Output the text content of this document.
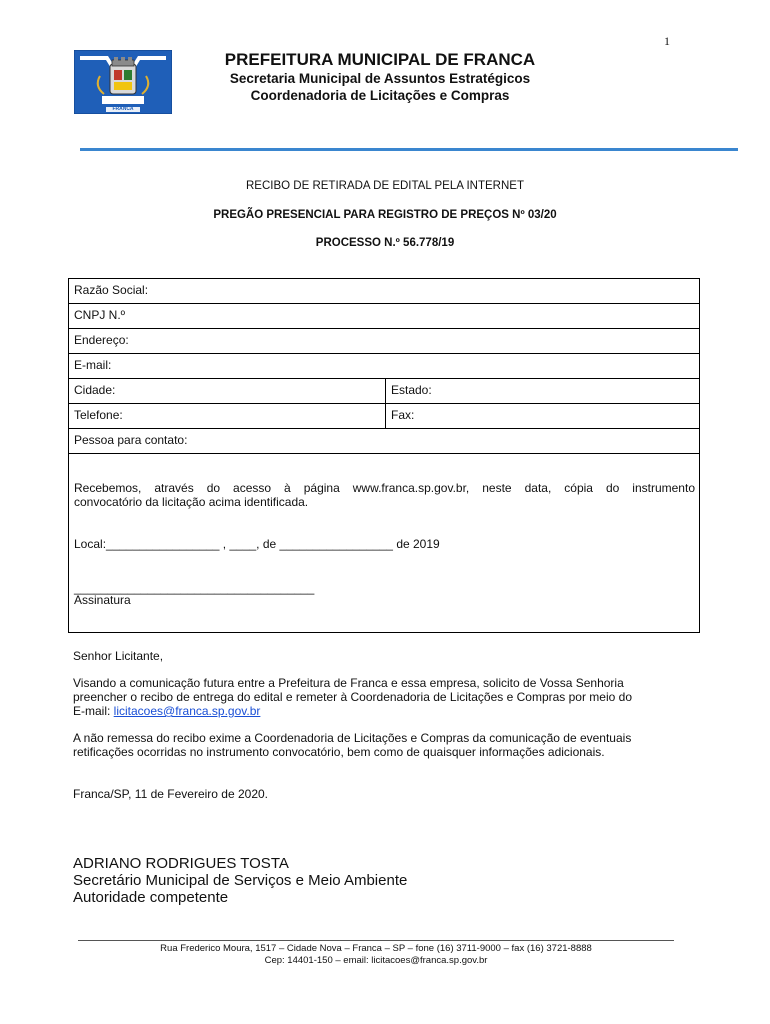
1
FRANCA
PREFEITURA MUNICIPAL DE FRANCA
Secretaria Municipal de Assuntos Estratégicos
Coordenadoria de Licitações e Compras
RECIBO DE RETIRADA DE EDITAL PELA INTERNET
PREGÃO PRESENCIAL PARA REGISTRO DE PREÇOS Nº 03/20
PROCESSO N.º 56.778/19
Razão Social:
CNPJ N.º
Endereço:
E-mail:
Cidade:	Estado:
Telefone:	Fax:
Pessoa para contato:
Recebemos, através do acesso à página www.franca.sp.gov.br, neste data, cópia do instrumento
convocatório da licitação acima identificada.
Local:_________________ , ____, de _________________ de 2019
____________________________________
Assinatura
Senhor Licitante,
Visando a comunicação futura entre a Prefeitura de Franca e essa empresa, solicito de Vossa Senhoria
preencher o recibo de entrega do edital e remeter à Coordenadoria de Licitações e Compras por meio do
E-mail: licitacoes@franca.sp.gov.br
A não remessa do recibo exime a Coordenadoria de Licitações e Compras da comunicação de eventuais
retificações ocorridas no instrumento convocatório, bem como de quaisquer informações adicionais.
Franca/SP, 11 de Fevereiro de 2020.
ADRIANO RODRIGUES TOSTA
Secretário Municipal de Serviços e Meio Ambiente
Autoridade competente
Rua Frederico Moura, 1517 – Cidade Nova – Franca – SP – fone (16) 3711-9000 – fax (16) 3721-8888
Cep: 14401-150 – email: licitacoes@franca.sp.gov.br
